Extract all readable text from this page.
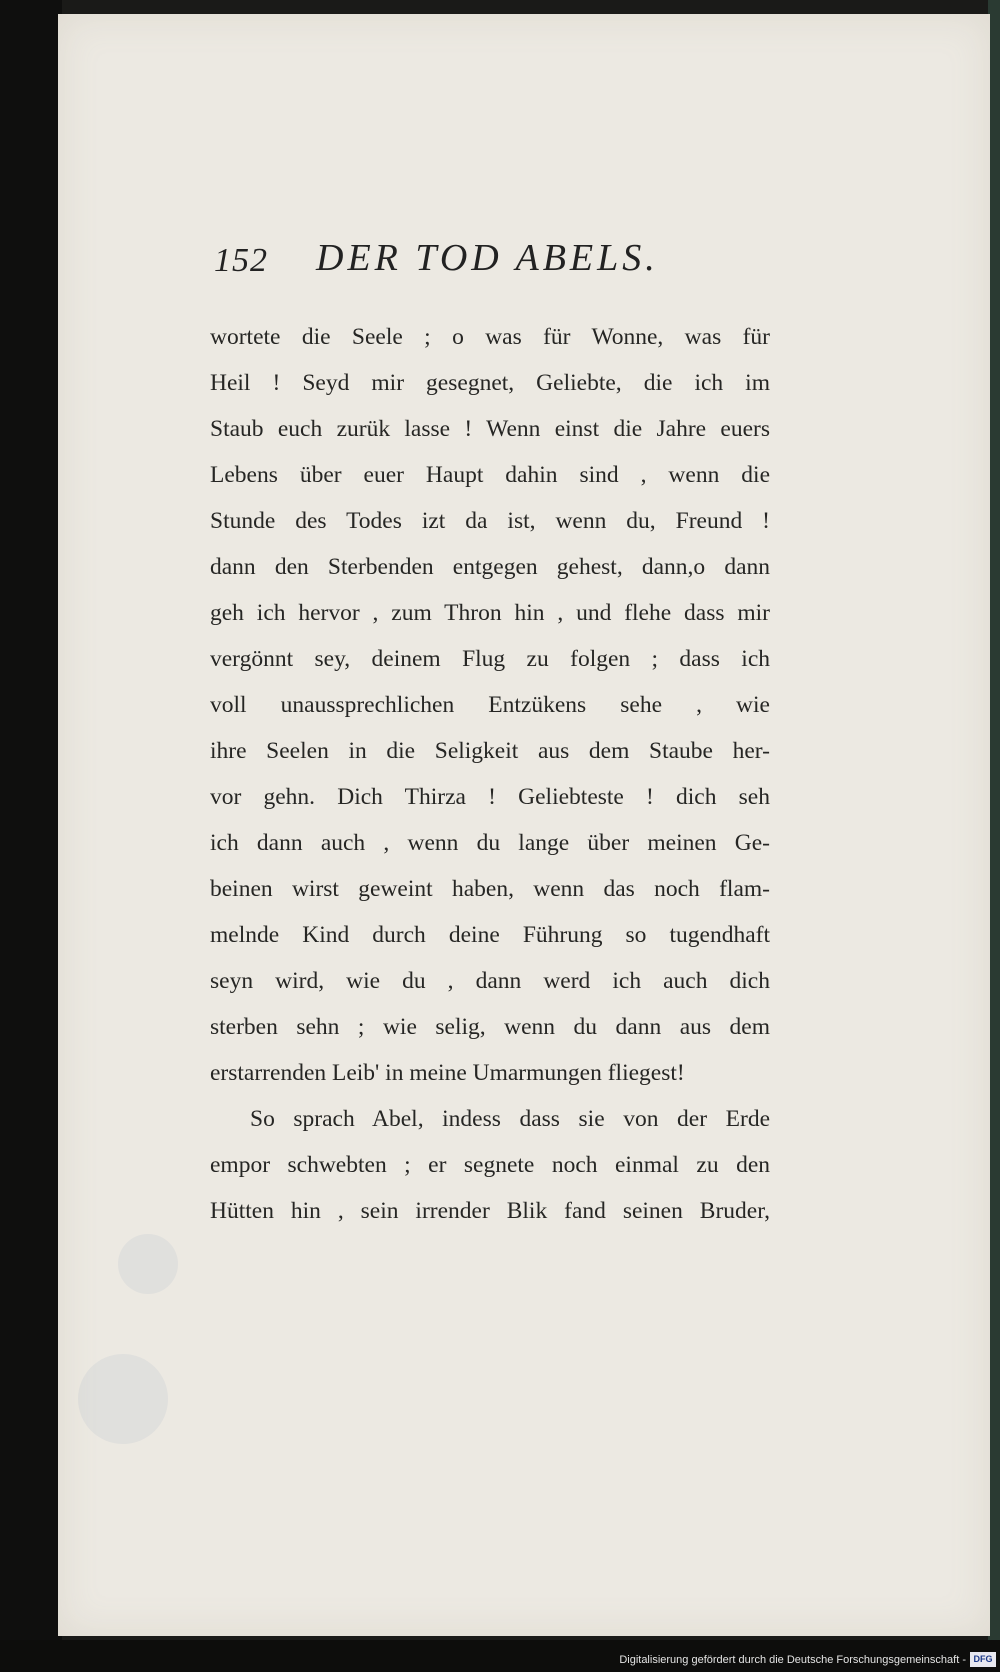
152 DER TOD ABELS.
wortete die Seele ; o was für Wonne, was für
Heil ! Seyd mir gesegnet, Geliebte, die ich im
Staub euch zurük lasse ! Wenn einst die Jahre euers
Lebens über euer Haupt dahin sind , wenn die
Stunde des Todes izt da ist, wenn du, Freund !
dann den Sterbenden entgegen gehest, dann,o dann
geh ich hervor , zum Thron hin , und flehe dass mir
vergönnt sey, deinem Flug zu folgen ; dass ich
voll unaussprechlichen Entzükens sehe , wie
ihre Seelen in die Seligkeit aus dem Staube her-
vor gehn. Dich Thirza ! Geliebteste ! dich seh
ich dann auch , wenn du lange über meinen Ge-
beinen wirst geweint haben, wenn das noch flam-
melnde Kind durch deine Führung so tugendhaft
seyn wird, wie du , dann werd ich auch dich
sterben sehn ; wie selig, wenn du dann aus dem
erstarrenden Leib' in meine Umarmungen fliegest!
So sprach Abel, indess dass sie von der Erde
empor schwebten ; er segnete noch einmal zu den
Hütten hin , sein irrender Blik fand seinen Bruder,
Digitalisierung gefördert durch die Deutsche Forschungsgemeinschaft - DFG
